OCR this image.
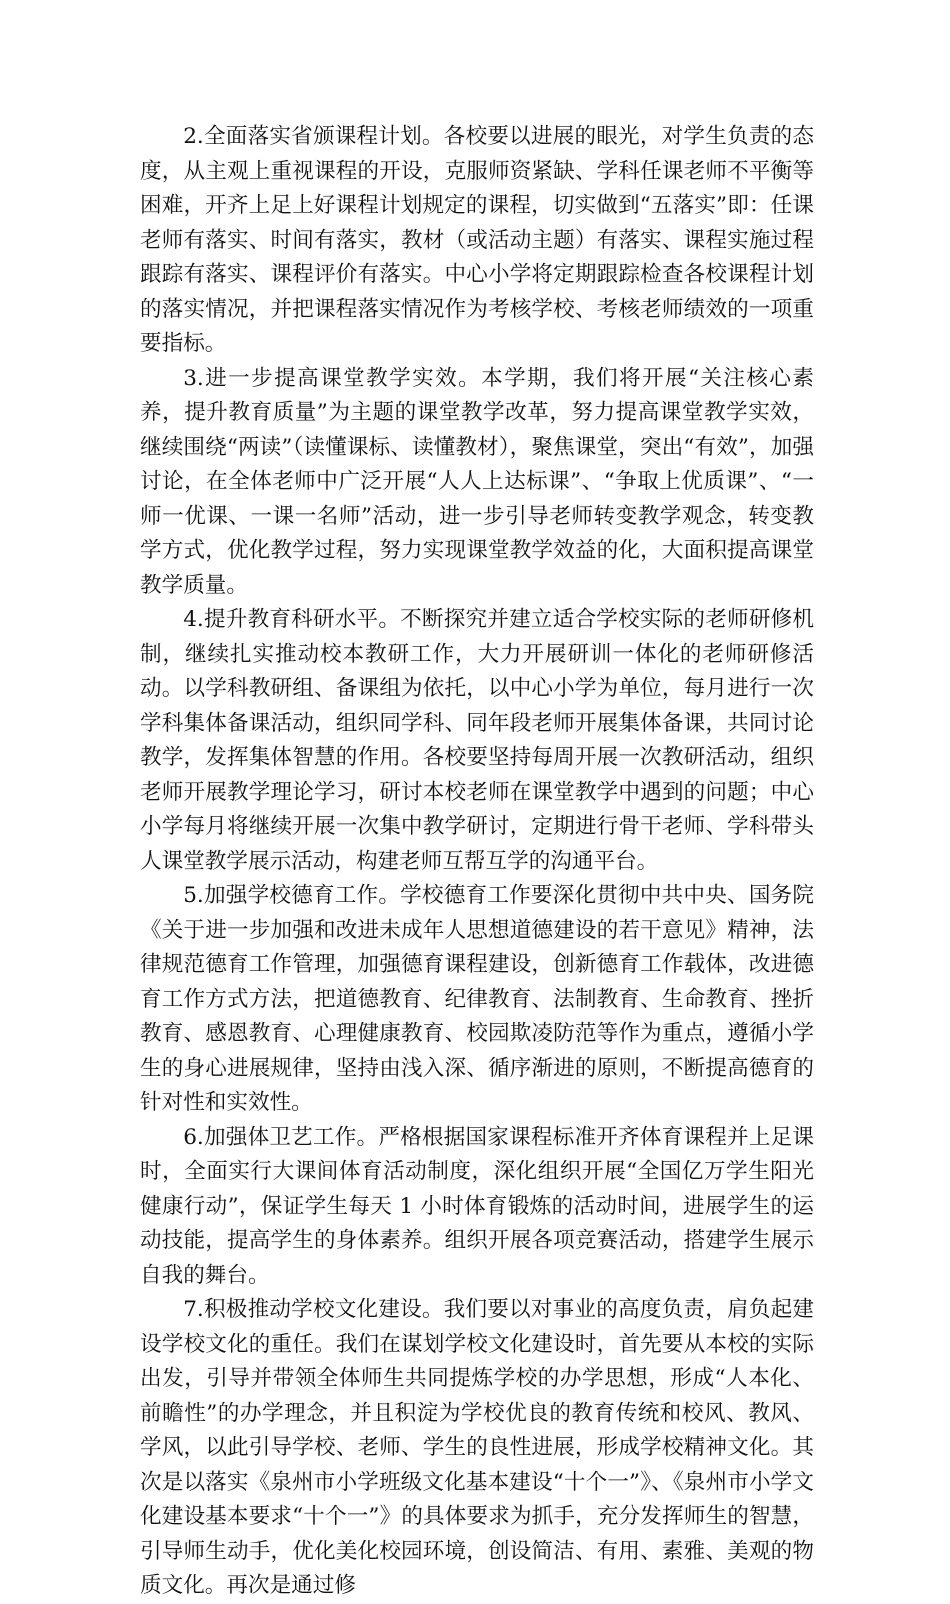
2.全面落实省颁课程计划。各校要以进展的眼光，对学生负责的态度，从主观上重视课程的开设，克服师资紧缺、学科任课老师不平衡等困难，开齐上足上好课程计划规定的课程，切实做到“五落实”即：任课老师有落实、时间有落实，教材（或活动主题）有落实、课程实施过程跟踪有落实、课程评价有落实。中心小学将定期跟踪检查各校课程计划的落实情况，并把课程落实情况作为考核学校、考核老师绩效的一项重要指标。

3.进一步提高课堂教学实效。本学期，我们将开展“关注核心素养，提升教育质量”为主题的课堂教学改革，努力提高课堂教学实效，继续围绕“两读”（读懂课标、读懂教材），聚焦课堂，突出“有效”，加强讨论，在全体老师中广泛开展“人人上达标课”、“争取上优质课”、“一师一优课、一课一名师”活动，进一步引导老师转变教学观念，转变教学方式，优化教学过程，努力实现课堂教学效益的化，大面积提高课堂教学质量。

4.提升教育科研水平。不断探究并建立适合学校实际的老师研修机制，继续扎实推动校本教研工作，大力开展研训一体化的老师研修活动。以学科教研组、备课组为依托，以中心小学为单位，每月进行一次学科集体备课活动，组织同学科、同年段老师开展集体备课，共同讨论教学，发挥集体智慧的作用。各校要坚持每周开展一次教研活动，组织老师开展教学理论学习，研讨本校老师在课堂教学中遇到的问题；中心小学每月将继续开展一次集中教学研讨，定期进行骨干老师、学科带头人课堂教学展示活动，构建老师互帮互学的沟通平台。

5.加强学校德育工作。学校德育工作要深化贯彻中共中央、国务院《关于进一步加强和改进未成年人思想道德建设的若干意见》精神，法律规范德育工作管理，加强德育课程建设，创新德育工作载体，改进德育工作方式方法，把道德教育、纪律教育、法制教育、生命教育、挫折教育、感恩教育、心理健康教育、校园欺凌防范等作为重点，遵循小学生的身心进展规律，坚持由浅入深、循序渐进的原则，不断提高德育的针对性和实效性。

6.加强体卫艺工作。严格根据国家课程标准开齐体育课程并上足课时，全面实行大课间体育活动制度，深化组织开展“全国亿万学生阳光健康行动”，保证学生每天 1 小时体育锻炼的活动时间，进展学生的运动技能，提高学生的身体素养。组织开展各项竞赛活动，搭建学生展示自我的舞台。

7.积极推动学校文化建设。我们要以对事业的高度负责，肩负起建设学校文化的重任。我们在谋划学校文化建设时，首先要从本校的实际出发，引导并带领全体师生共同提炼学校的办学思想，形成“人本化、前瞻性”的办学理念，并且积淀为学校优良的教育传统和校风、教风、学风，以此引导学校、老师、学生的良性进展，形成学校精神文化。其次是以落实《泉州市小学班级文化基本建设“十个一”》、《泉州市小学文化建设基本要求“十个一”》的具体要求为抓手，充分发挥师生的智慧，引导师生动手，优化美化校园环境，创设简洁、有用、素雅、美观的物质文化。再次是通过修
